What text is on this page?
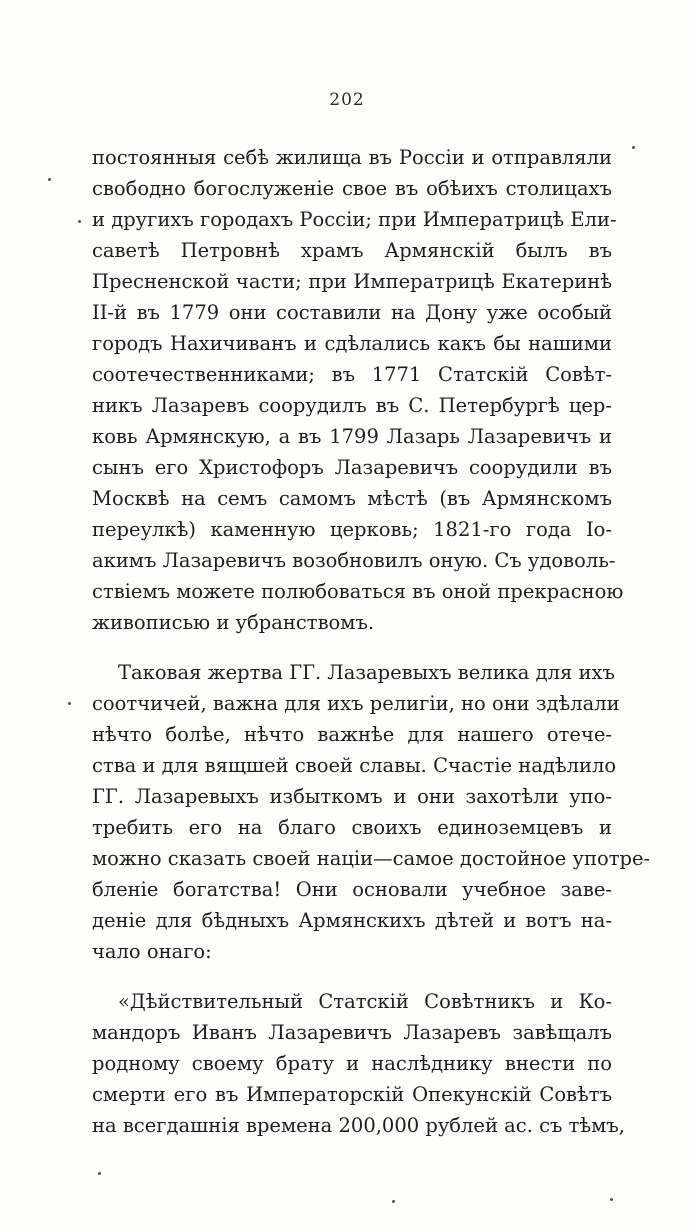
202
постоянныя себѣ жилища въ Россіи и отправляли
свободно богослуженіе свое въ обѣихъ столицахъ
и другихъ городахъ Россіи; при Императрицѣ Ели-
саветѣ Петровнѣ храмъ Армянскій былъ въ
Пресненской части; при Императрицѣ Екатеринѣ
II-й въ 1779 они составили на Дону уже особый
городъ Нахичиванъ и сдѣлались какъ бы нашими
соотечественниками; въ 1771 Статскій Совѣт-
никъ Лазаревъ соорудилъ въ С. Петербургѣ цер-
ковь Армянскую, а въ 1799 Лазарь Лазаревичъ и
сынъ его Христофоръ Лазаревичъ соорудили въ
Москвѣ на семъ самомъ мѣстѣ (въ Армянскомъ
переулкѣ) каменную церковь; 1821-го года Іо-
акимъ Лазаревичъ возобновилъ оную. Съ удоволь-
ствіемъ можете полюбоваться въ оной прекрасною
живописью и убранствомъ.
Таковая жертва ГГ. Лазаревыхъ велика для ихъ
соотчичей, важна для ихъ религіи, но они здѣлали
нѣчто болѣе, нѣчто важнѣе для нашего отече-
ства и для вящшей своей славы. Счастіе надѣлило
ГГ. Лазаревыхъ избыткомъ и они захотѣли упо-
требить его на благо своихъ единоземцевъ и
можно сказать своей націи—самое достойное употре-
бленіе богатства! Они основали учебное заве-
деніе для бѣдныхъ Армянскихъ дѣтей и вотъ на-
чало онаго:
«Дѣйствительный Статскій Совѣтникъ и Ко-
мандоръ Иванъ Лазаревичъ Лазаревъ завѣщалъ
родному своему брату и наслѣднику внести по
смерти его въ Императорскій Опекунскій Совѣтъ
на всегдашнія времена 200,000 рублей ас. съ тѣмъ,
